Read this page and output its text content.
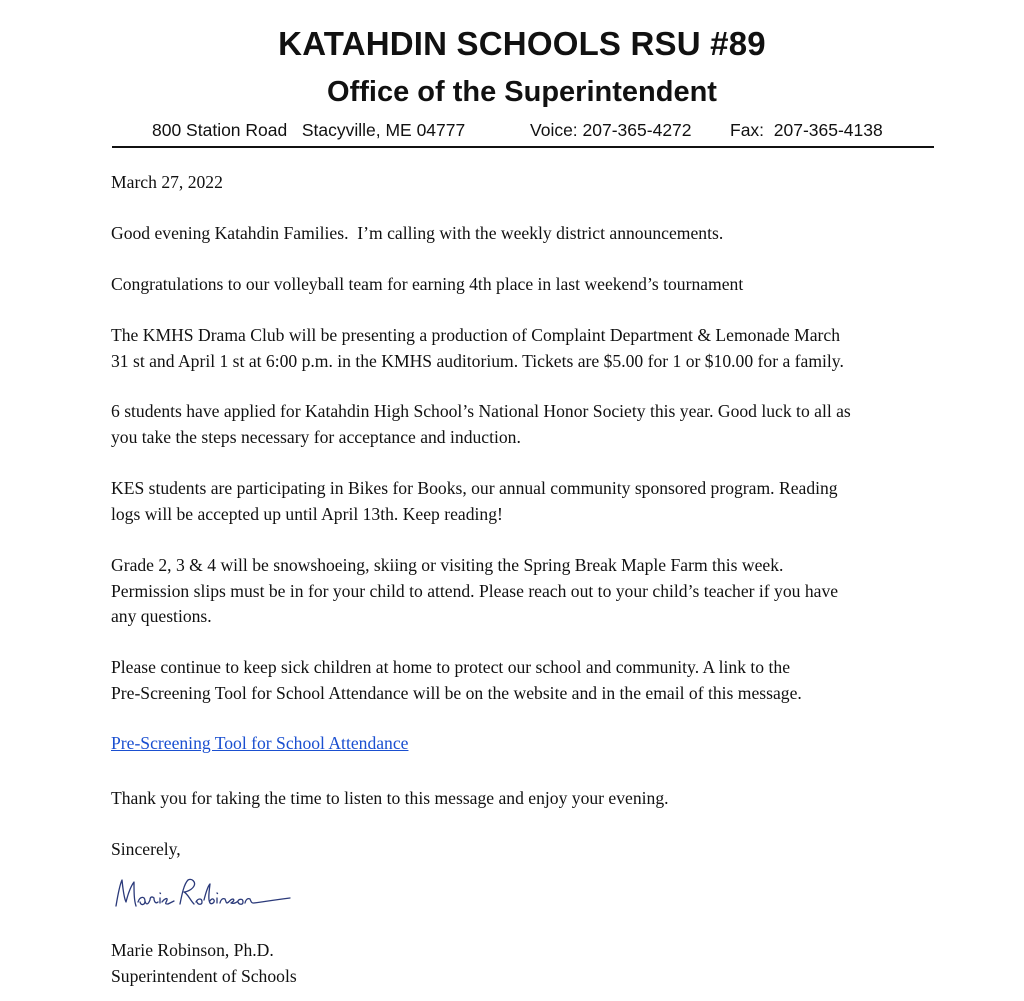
KATAHDIN SCHOOLS RSU #89
Office of the Superintendent
800 Station Road   Stacyville, ME 04777	Voice: 207-365-4272 Fax:  207-365-4138

March 27, 2022

Good evening Katahdin Families.  I’m calling with the weekly district announcements.

Congratulations to our volleyball team for earning 4th place in last weekend’s tournament

The KMHS Drama Club will be presenting a production of Complaint Department & Lemonade March
31 st and April 1 st at 6:00 p.m. in the KMHS auditorium. Tickets are $5.00 for 1 or $10.00 for a family.

6 students have applied for Katahdin High School’s National Honor Society this year. Good luck to all as
you take the steps necessary for acceptance and induction.

KES students are participating in Bikes for Books, our annual community sponsored program. Reading
logs will be accepted up until April 13th. Keep reading!

Grade 2, 3 & 4 will be snowshoeing, skiing or visiting the Spring Break Maple Farm this week.
Permission slips must be in for your child to attend. Please reach out to your child’s teacher if you have
any questions.

Please continue to keep sick children at home to protect our school and community. A link to the
Pre-Screening Tool for School Attendance will be on the website and in the email of this message.

Pre-Screening Tool for School Attendance

Thank you for taking the time to listen to this message and enjoy your evening.

Sincerely,

Marie Robinson, Ph.D.
Superintendent of Schools
